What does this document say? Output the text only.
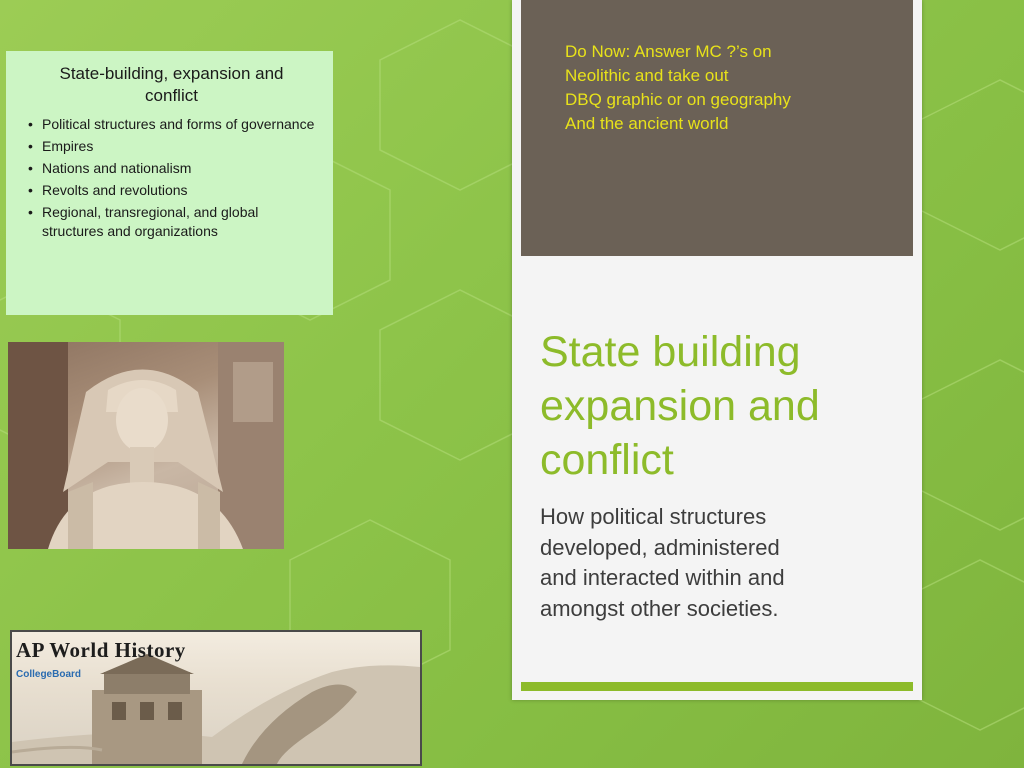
State-building, expansion and conflict
• Political structures and forms of governance
• Empires
• Nations and nationalism
• Revolts and revolutions
• Regional, transregional, and global structures and organizations
AP World History
CollegeBoard
Do Now: Answer MC ?’s on
Neolithic and take out
DBQ graphic or on geography
And the ancient world
State building
expansion and
conflict

How political structures
developed, administered
and interacted within and
amongst other societies.
